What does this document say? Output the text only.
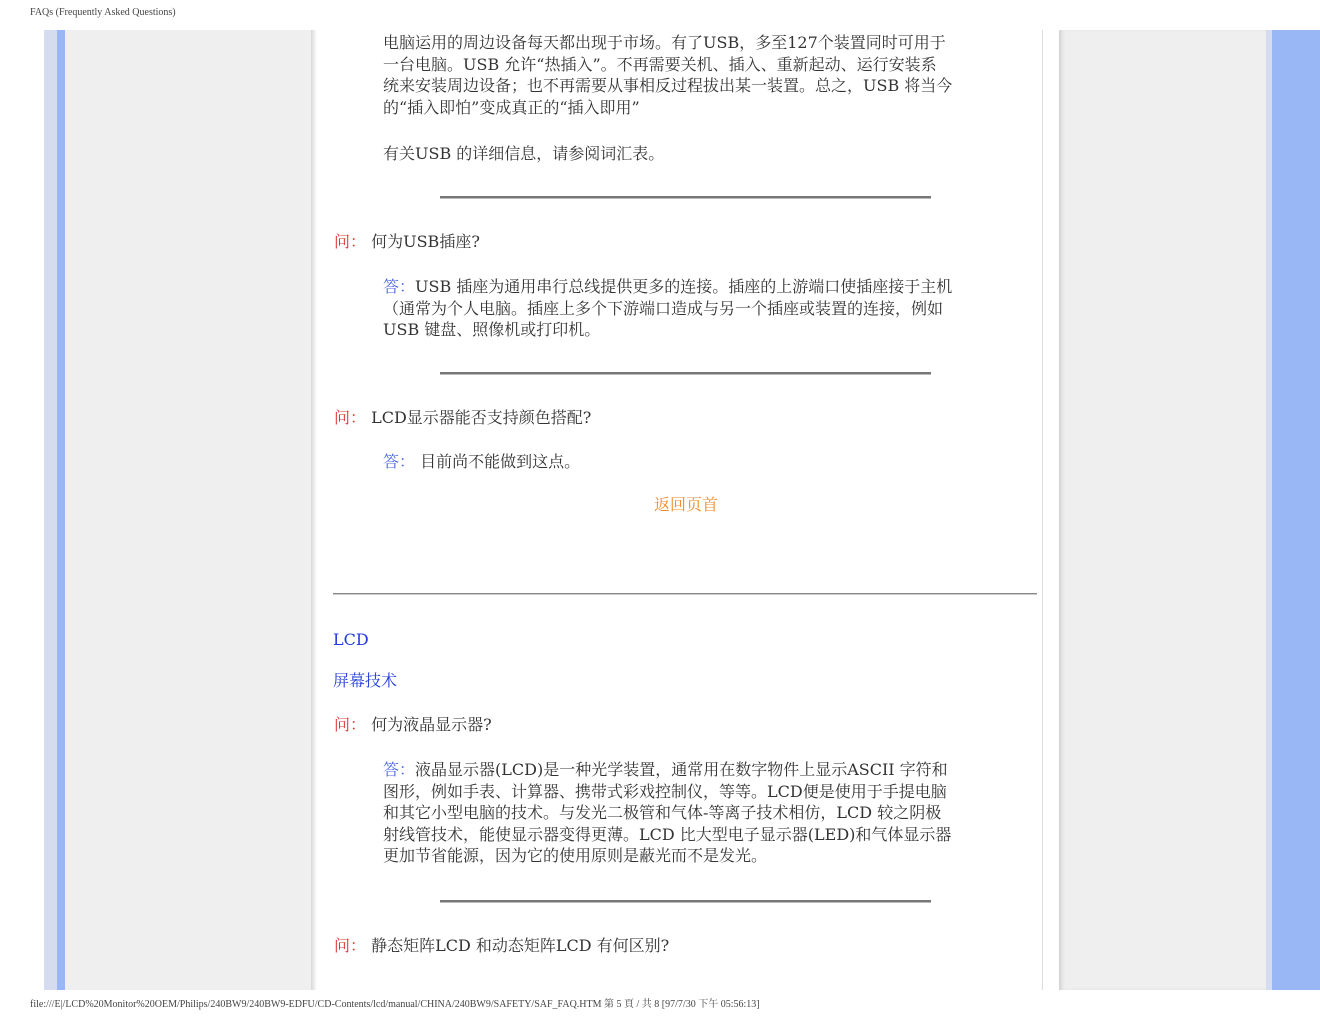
FAQs (Frequently Asked Questions)
电脑运用的周边设备每天都出现于市场。有了USB，多至127个装置同时可用于
一台电脑。USB 允许“热插入”。不再需要关机、插入、重新起动、运行安装系
统来安装周边设备；也不再需要从事相反过程拔出某一装置。总之，USB 将当今
的“插入即怕”变成真正的“插入即用”
有关USB 的详细信息，请参阅词汇表。
问： 何为USB插座?
答：USB 插座为通用串行总线提供更多的连接。插座的上游端口使插座接于主机
（通常为个人电脑。插座上多个下游端口造成与另一个插座或装置的连接，例如
USB 键盘、照像机或打印机。
问： LCD显示器能否支持颜色搭配?
答： 目前尚不能做到这点。
返回页首
LCD
屏幕技术
问： 何为液晶显示器?
答：液晶显示器(LCD)是一种光学装置，通常用在数字物件上显示ASCII 字符和
图形，例如手表、计算器、携带式彩戏控制仪，等等。LCD便是使用于手提电脑
和其它小型电脑的技术。与发光二极管和气体-等离子技术相仿，LCD 较之阴极
射线管技术，能使显示器变得更薄。LCD 比大型电子显示器(LED)和气体显示器
更加节省能源，因为它的使用原则是蔽光而不是发光。
问： 静态矩阵LCD 和动态矩阵LCD 有何区别?
file:///E|/LCD%20Monitor%20OEM/Philips/240BW9/240BW9-EDFU/CD-Contents/lcd/manual/CHINA/240BW9/SAFETY/SAF_FAQ.HTM 第 5 頁 / 共 8 [97/7/30 下午 05:56:13]
